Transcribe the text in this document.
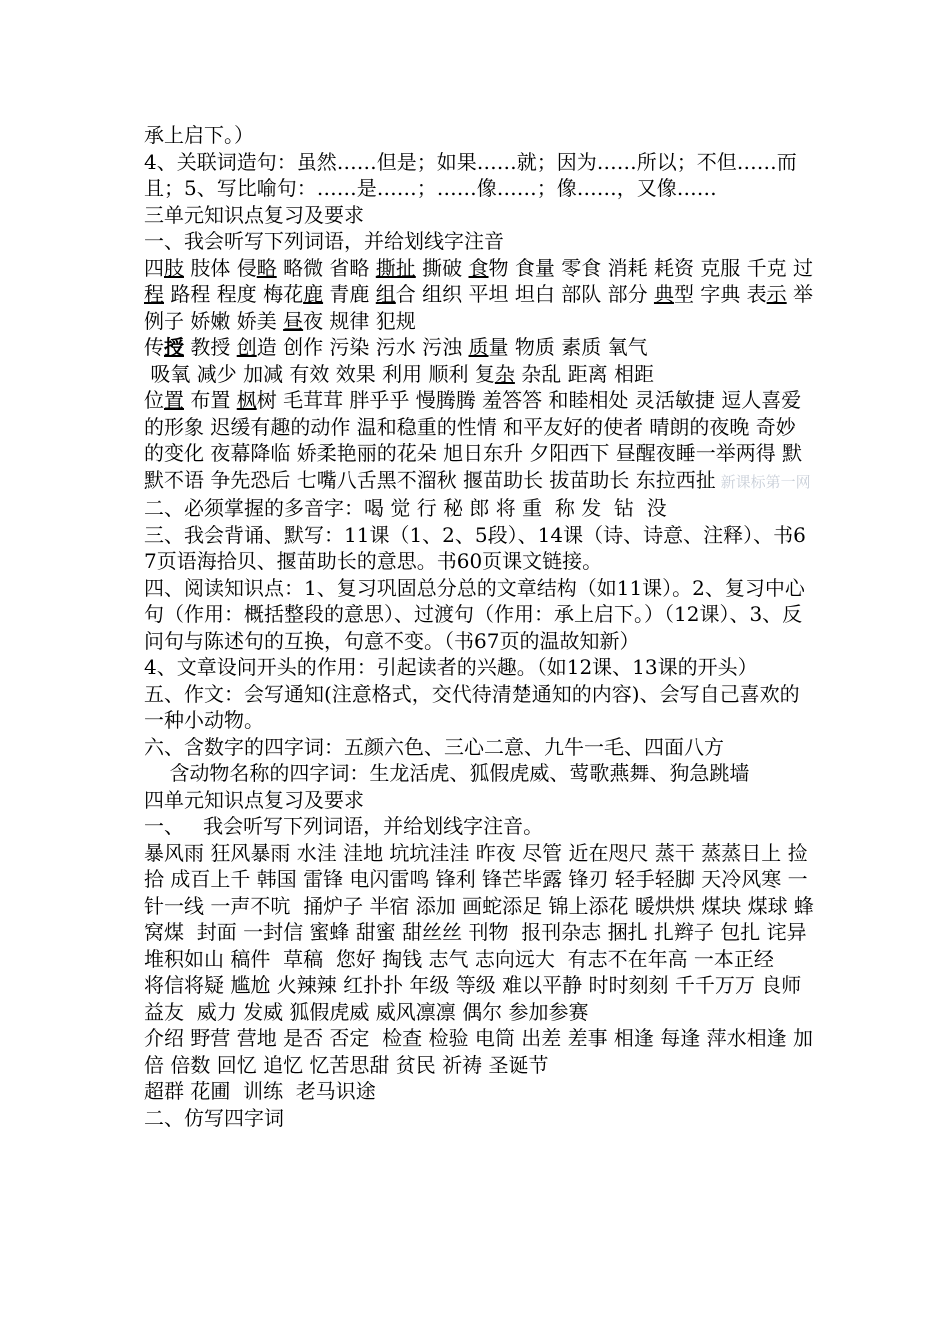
承上启下。）

4、关联词造句：虽然……但是；如果……就；因为……所以；不但……而且；5、写比喻句：……是……；……像……；像……，又像……

三单元知识点复习及要求

一、我会听写下列词语，并给划线字注音

四肢 肢体 侵略 略微 省略 撕扯 撕破 食物 食量 零食 消耗 耗资 克服 千克 过程 路程 程度 梅花鹿 青鹿 组合 组织 平坦 坦白 部队 部分 典型 字典 表示 举例子 娇嫩 娇美 昼夜 规律 犯规

传授 教授 创造 创作 污染 污水 污浊 质量 物质 素质 氧气

吸氧 减少 加减 有效 效果 利用 顺利 复杂 杂乱 距离 相距

位置 布置 枫树 毛茸茸 胖乎乎 慢腾腾 羞答答 和睦相处 灵活敏捷 逗人喜爱的形象 迟缓有趣的动作 温和稳重的性情 和平友好的使者 晴朗的夜晚 奇妙的变化 夜幕降临 娇柔艳丽的花朵 旭日东升 夕阳西下 昼醒夜睡一举两得 默默不语 争先恐后 七嘴八舌黑不溜秋 揠苗助长 拔苗助长 东拉西扯 新课标第一网

二、必须掌握的多音字：喝 觉 行 秘 郎 将 重  称 发  钻  没

三、我会背诵、默写：11课（1、2、5段）、14课（诗、诗意、注释）、书67页语海拾贝、揠苗助长的意思。书60页课文链接。

四、阅读知识点：1、复习巩固总分总的文章结构（如11课）。2、复习中心句（作用：概括整段的意思）、过渡句（作用：承上启下。）（12课）、3、反问句与陈述句的互换，句意不变。（书67页的温故知新）

4、文章设问开头的作用：引起读者的兴趣。（如12课、13课的开头）

五、作文：会写通知(注意格式，交代待清楚通知的内容)、会写自己喜欢的一种小动物。

六、含数字的四字词：五颜六色、三心二意、九牛一毛、四面八方

含动物名称的四字词：生龙活虎、狐假虎威、莺歌燕舞、狗急跳墙

四单元知识点复习及要求

一、   我会听写下列词语，并给划线字注音。

暴风雨 狂风暴雨 水洼 洼地 坑坑洼洼 昨夜 尽管 近在咫尺 蒸干 蒸蒸日上 捡拾 成百上千 韩国 雷锋 电闪雷鸣 锋利 锋芒毕露 锋刃 轻手轻脚 天冷风寒 一针一线 一声不吭  捅炉子 半宿 添加 画蛇添足 锦上添花 暖烘烘 煤块 煤球 蜂窝煤  封面 一封信 蜜蜂 甜蜜 甜丝丝 刊物  报刊杂志 捆扎 扎辫子 包扎 诧异 堆积如山 稿件  草稿  您好 掏钱 志气 志向远大  有志不在年高 一本正经

将信将疑 尴尬 火辣辣 红扑扑 年级 等级 难以平静 时时刻刻 千千万万 良师益友  威力 发威 狐假虎威 威风凛凛 偶尔 参加参赛

介绍 野营 营地 是否 否定  检查 检验 电筒 出差 差事 相逢 每逢 萍水相逢 加倍 倍数 回忆 追忆 忆苦思甜 贫民 祈祷 圣诞节

超群 花圃  训练  老马识途

二、仿写四字词
